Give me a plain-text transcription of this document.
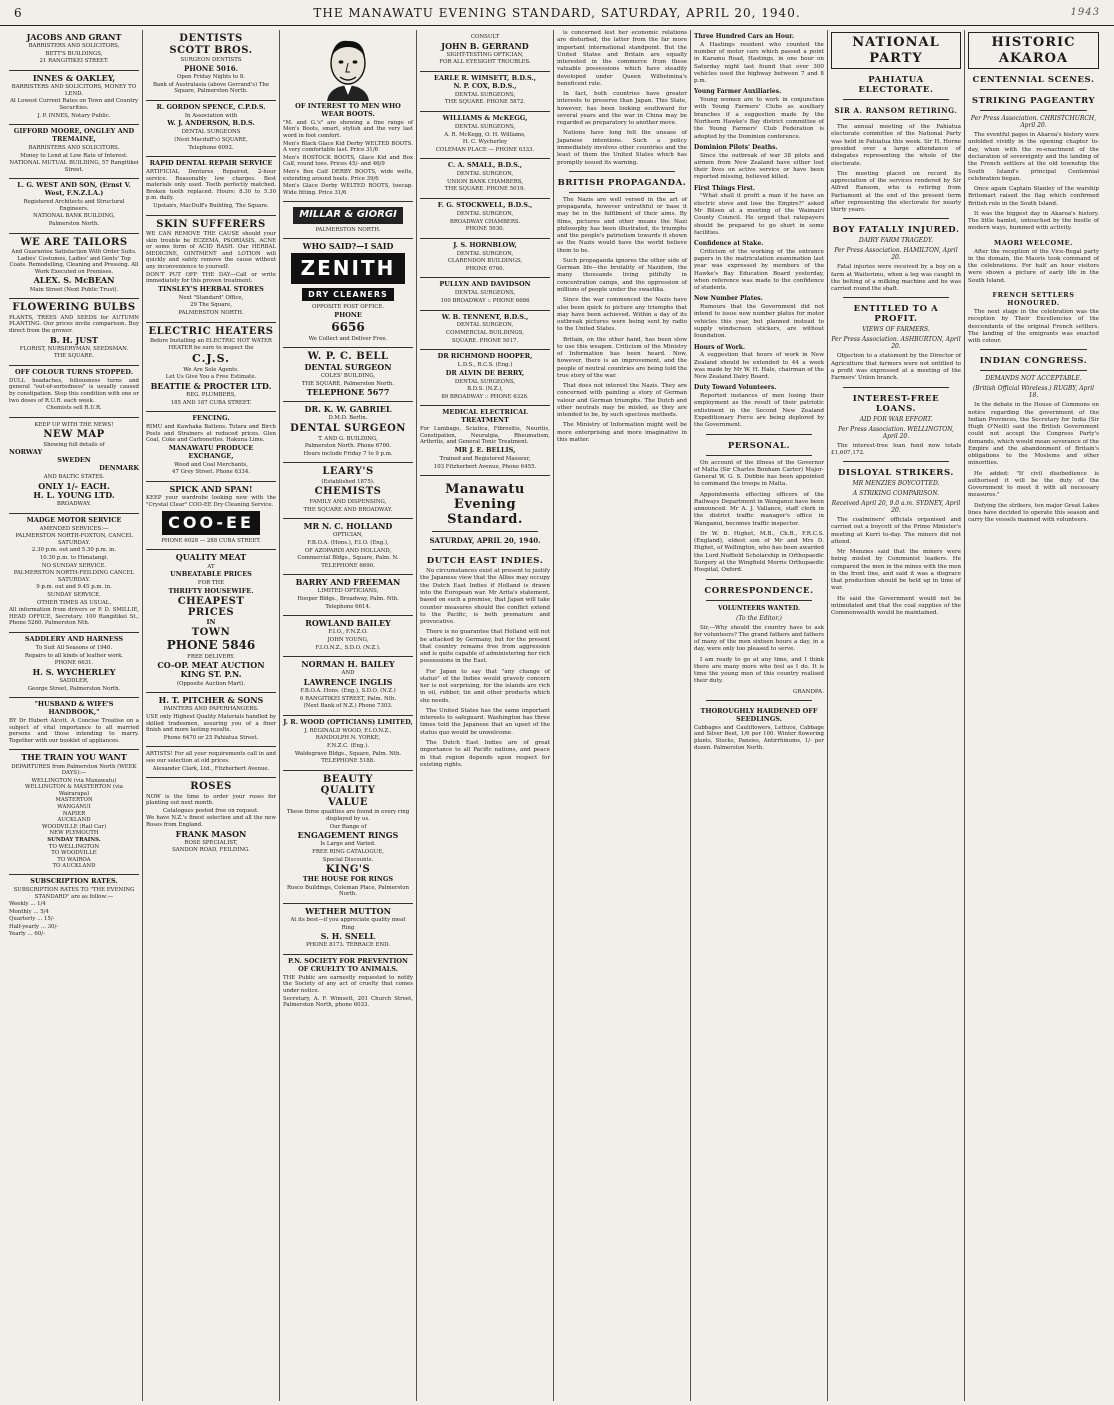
6	THE MANAWATU EVENING STANDARD, SATURDAY, APRIL 20, 1940.	1943
JACOBS AND GRANT

BARRISTERS AND SOLICITORS,

BETT'S BUILDINGS,

21 RANGITIKEI STREET.

INNES & OAKLEY,

BARRISTERS AND SOLICITORS, MONEY TO LEND.

At Lowest Current Rates on Town and Country Securities.

J. P. INNES, Notary Public.

GIFFORD MOORE, ONGLEY AND TREMAINE,

BARRISTERS AND SOLICITORS.

Money to Lend at Low Rate of Interest.

NATIONAL MUTUAL BUILDING, 57 Rangitikei Street.

L. G. WEST AND SON, (Ernst V. West, F.N.Z.I.A.)

Registered Architects and Structural Engineers.

NATIONAL BANK BUILDING,

Palmerston North.

WE ARE TAILORS

And Guarantee Satisfaction With Order Suits. Ladies' Costumes, Ladies' and Gents' Top Coats. Remodelling, Cleaning and Pressing. All Work Executed on Premises.

ALEX. S. McBEAN

Main Street (Next Public Trust).

FLOWERING BULBS

PLANTS, TREES AND SEEDS for AUTUMN PLANTING. Our prices invite comparison. Buy direct from the grower.

B. H. JUST

FLORIST, NURSERYMAN, SEEDSMAN.

THE SQUARE.

OFF COLOUR TURNS STOPPED.

DULL headaches, biliousness turns and general "out-of-sortedness" is usually caused by constipation. Stop this condition with one or two doses of R.U.R. each week.

Chemists sell R.U.R.

KEEP UP WITH THE NEWS!

NEW MAP

Showing full details of

NORWAY
SWEDEN
DENMARK

AND BALTIC STATES.

ONLY 1/- EACH.
H. L. YOUNG LTD.

BROADWAY.

MADGE MOTOR SERVICE

AMENDED SERVICES:—

PALMERSTON NORTH-FOXTON, CANCEL SATURDAY.

2.30 p.m. out and 5.30 p.m. in.

10.30 p.m. to Himatangi.

NO SUNDAY SERVICE.

PALMERSTON NORTH-FEILDING CANCEL SATURDAY.

9 p.m. out and 9.45 p.m. in.

SUNDAY SERVICE.

OTHER TIMES AS USUAL.

All information from drivers or P. D. SMILLIE, HEAD OFFICE, Secretary. 100 Rangitikei St., Phone 5260. Palmerston Nth.

SADDLERY AND HARNESS

To Suit All Seasons of 1940.

Repairs to all kinds of leather work.

PHONE 6631.

H. S. WYCHERLEY

SADDLER,

George Street, Palmerston North.

"HUSBAND & WIFE'S HANDBOOK,"

BY Dr Hubert Alcott. A Concise Treatise on a subject of vital importance to all married persons and those intending to marry. Together with our booklet of appliances.

THE TRAIN YOU WANT

DEPARTURES from Palmerston North (WEEK DAYS):—

WELLINGTON (via Manawatu)
WELLINGTON & MASTERTON (via Wairarapa)
MASTERTON
WANGANUI
NAPIER
AUCKLAND
WOODVILLE (Rail Car)
NEW PLYMOUTH
SUNDAY TRAINS.
TO WELLINGTON
TO WOODVILLE
TO WAIROA
TO AUCKLAND
SUBSCRIPTION RATES.

SUBSCRIPTION RATES TO "THE EVENING STANDARD" are as follow:—

Weekly ... 1/4

Monthly ... 5/4

Quarterly ... 15/-

Half-yearly ... 30/-

Yearly ... 60/-

DENTISTS
SCOTT BROS.

SURGEON DENTISTS

PHONE 5016.

Open Friday Nights to 8.

Bank of Australasia (above Gerrand's) The Square, Palmerston North.

R. GORDON SPENCE, C.P.D.S.

In Association with

W. J. ANDERSON, B.D.S.

DENTAL SURGEONS

(Next Macduff's) SQUARE,

Telephone 6092.

RAPID DENTAL REPAIR SERVICE

ARTIFICIAL Dentures Repaired, 2-hour service. Reasonably low charges. Best materials only used. Teeth perfectly matched. Broken tooth replaced. Hours: 8.30 to 5.30 p.m. daily.

Upstairs, MacDuff's Building, The Square.

SKIN SUFFERERS

WE CAN REMOVE THE CAUSE should your skin trouble be ECZEMA, PSORIASIS, ACNE or some form of ACID RASH. Our HERBAL MEDICINE, OINTMENT and LOTION will quickly and safely remove the cause without any inconvenience to yourself.

DON'T PUT OFF THE DAY—Call or write immediately for this proven treatment.

TINSLEY'S HERBAL STORES

Next "Standard" Office,

29 The Square,

PALMERSTON NORTH.

ELECTRIC HEATERS

Before Installing an ELECTRIC HOT WATER HEATER be sure to inspect the

C.J.S.

We Are Sole Agents.

Let Us Give You a Free Estimate.

BEATTIE & PROCTER LTD.

REG. PLUMBERS,

185 AND 187 CUBA STREET.

FENCING.

RIMU and Kawhaka Battens. Totara and Birch Posts and Strainers at reduced prices. Glen Coal, Coke and Carbonettes. Hakuna Lime.

MANAWATU PRODUCE EXCHANGE,

Wood and Coal Merchants,

47 Grey Street. Phone 6334.

SPICK AND SPAN!

KEEP your wardrobe looking new with the "Crystal Clear" COO-EE Dry Cleaning Service.

COO-EE

PHONE 6028 — 288 CUBA STREET.

QUALITY MEAT

AT

UNBEATABLE PRICES

FOR THE

THRIFTY HOUSEWIFE.
CHEAPEST
PRICES
IN
TOWN
PHONE 5846

FREE DELIVERY.

CO-OP. MEAT AUCTION
KING ST. P.N.

(Opposite Auction Mart).

H. T. PITCHER & SONS

PAINTERS AND PAPERHANGERS.

USE only Highest Quality Materials handled by skilled tradesmen, assuring you of a finer finish and more lasting results.

Phone 6470 or 25 Pahiatua Street.

ARTISTS! For all your requirements call in and see our selection at old prices.

Alexander Clark, Ltd., Fitzherbert Avenue.

ROSES

NOW is the time to order your roses for planting out next month.

Catalogues posted free on request.

We have N.Z.'s finest selection and all the new Roses from England.

FRANK MASON

ROSE SPECIALIST,

SANDON ROAD, FEILDING.

OF INTEREST TO MEN WHO WEAR BOOTS.

"M. and G.'s" are showing a fine range of Men's Boots, smart, stylish and the very last word in foot comfort.

Men's Black Glace Kid Derby WELTED BOOTS. A very comfortable last. Price 31/6

Men's BOSTOCK BOOTS, Glace Kid and Box Calf, round toes. Prices 45/- and 46/9

Men's Box Calf DERBY BOOTS, wide welts, extending around heels. Price 39/6

Men's Glace Derby WELTED BOOTS, toecap. Wide fitting. Price 31/6

MILLAR & GIORGI

PALMERSTON NORTH.

WHO SAID?—I SAID
ZENITH
DRY CLEANERS

OPPOSITE POST OFFICE.

PHONE
6656

We Collect and Deliver Free.

W. P. C. BELL
DENTAL SURGEON

COLES' BUILDING,

THE SQUARE, Palmerston North.

TELEPHONE 5677
DR. K. W. GABRIEL

D.M.D. Berlin.

DENTAL SURGEON

T. AND G. BUILDING,

Palmerston North. Phone 6700.

Hours include Friday 7 to 9 p.m.

LEARY'S

(Established 1875).

CHEMISTS

FAMILY AND DISPENSING,

THE SQUARE AND BROADWAY.

MR N. C. HOLLAND

OPTICIAN,

F.B.O.A. (Hons.), F.I.O. (Eng.),

OF AZOPARDI AND HOLLAND,

Commercial Bldgs., Square, Palm. N.

TELEPHONE 6690.

BARRY AND FREEMAN

LIMITED OPTICIANS,

Hooper Bldgs., Broadway, Palm. Nth.

Telephone 6614.

ROWLAND BAILEY

F.I.O., F.N.Z.O.

JOHN YOUNG,

F.I.O.N.Z., S.D.O. (N.Z.).

NORMAN H. BAILEY

AND

LAWRENCE INGLIS

F.B.O.A. Hons. (Eng.), S.D.O. (N.Z.)

6 RANGITIKEI STREET, Palm. Nth.

(Next Bank of N.Z.) Phone 7303.

J. R. WOOD (OPTICIANS) LIMITED,

J. REGINALD WOOD, F.I.O.N.Z.,

RANDOLPH N. YORKE,

F.N.Z.C. (Eng.).

Waldegrave Bldgs., Square, Palm. Nth.

TELEPHONE 5188.

BEAUTY
QUALITY
VALUE

These three qualities are found in every ring displayed by us.

Our Range of

ENGAGEMENT RINGS

Is Large and Varied.

FREE RING CATALOGUE,

Special Discounts.

KING'S
THE HOUSE FOR RINGS

Rosco Buildings, Coleman Place, Palmerston North.

WETHER MUTTON

At its best—if you appreciate quality meat

Ring

S. H. SNELL

PHONE 8173. TERRACE END.

P.N. SOCIETY FOR PREVENTION OF CRUELTY TO ANIMALS.

THE Public are earnestly requested to notify the Society of any act of cruelty that comes under notice.

Secretary, A. F. Wimsett, 201 Church Street, Palmerston North, phone 6033.

CONSULT

JOHN B. GERRAND

SIGHT-TESTING OPTICIAN,

FOR ALL EYESIGHT TROUBLES.

EARLE R. WIMSETT, B.D.S.,
N. P. COX, B.D.S.,

DENTAL SURGEONS,

THE SQUARE. PHONE 5872.

WILLIAMS & McKEGG,

DENTAL SURGEONS,

A. R. McKegg, O. H. Williams,

H. C. Wycherley

COLEMAN PLACE — PHONE 6333.

C. A. SMALL, B.D.S.,

DENTAL SURGEON,

UNION BANK CHAMBERS,

THE SQUARE. PHONE 5019.

F. G. STOCKWELL, B.D.S.,

DENTAL SURGEON,

BROADWAY CHAMBERS.

PHONE 5030.

J. S. HORNBLOW,

DENTAL SURGEON,

CLARENDON BUILDINGS,

PHONE 6760.

PULLYN AND DAVIDSON

DENTAL SURGEONS,

100 BROADWAY :: PHONE 6686

W. B. TENNENT, B.D.S.,

DENTAL SURGEON,

COMMERCIAL BUILDINGS,

SQUARE. PHONE 5017.

DR RICHMOND HOOPER,

L.D.S., R.C.S. (Eng.)

DR ALVIN DE BERRY,

DENTAL SURGEONS,

B.D.S. (N.Z.),

89 BROADWAY :: PHONE 6326.

MEDICAL ELECTRICAL TREATMENT

For Lumbago, Sciatica, Fibrositis, Neuritis, Constipation, Neuralgia, Rheumatism, Arthritis, and General Tonic Treatment.

MR J. E. BELLIS,

Trained and Registered Masseur,

103 Fitzherbert Avenue, Phone 6455.

Manawatu
Evening Standard.
SATURDAY, APRIL 20, 1940.
DUTCH EAST INDIES.

No circumstances exist at present to justify the Japanese view that the Allies may occupy the Dutch East Indies if Holland is drawn into the European war. Mr Arita's statement, based on such a premise, that Japan will take counter measures should the conflict extend to the Pacific, is both premature and provocative.

There is no guarantee that Holland will not be attacked by Germany, but for the present that country remains free from aggression and is quite capable of administering her rich possessions in the East.

For Japan to say that "any change of status" of the Indies would gravely concern her is not surprising, for the islands are rich in oil, rubber, tin and other products which she needs.

The United States has the same important interests to safeguard. Washington has three times told the Japanese that an upset of the status quo would be unwelcome.

The Dutch East Indies are of great importance to all Pacific nations, and peace in that region depends upon respect for existing rights.

is concerned lest her economic relations are disturbed, the latter from the far more important international standpoint. But the United States and Britain are equally interested in the commerce from these valuable possessions which have steadily developed under Queen Wilhelmina's beneficent rule.

In fact, both countries have greater interests to preserve than Japan. This State, however, has been looking southward for several years and the war in China may be regarded as preparatory to another move.

Nations have long felt the unease of Japanese intentions. Such a policy immediately involves other countries and the least of them the United States which has promptly issued its warning.

BRITISH PROPAGANDA.

The Nazis are well versed in the art of propaganda, however untruthful or base it may be in the fulfilment of their aims. By films, pictures and other means the Nazi philosophy has been illustrated, its triumphs and the people's patriotism towards it shown as the Nazis would have the world believe them to be.

Such propaganda ignores the other side of German life—the brutality of Nazidom, the many thousands living pitifully in concentration camps, and the oppression of millions of people under the swastika.

Since the war commenced the Nazis have also been quick to picture any triumphs that may have been achieved. Within a day of its outbreak pictures were being sent by radio to the United States.

Britain, on the other hand, has been slow to use this weapon. Criticism of the Ministry of Information has been heard. Now, however, there is an improvement, and the people of neutral countries are being told the true story of the war.

That does not interest the Nazis. They are concerned with painting a story of German valour and German triumphs. The Dutch and other neutrals may be misled, as they are intended to be, by such specious methods.

The Ministry of Information might well be more enterprising and more imaginative in this matter.

Three Hundred Cars an Hour.

A Hastings resident who counted the number of motor cars which passed a point in Karamu Road, Hastings, in one hour on Saturday night last found that over 300 vehicles used the highway between 7 and 8 p.m.

Young Farmer Auxiliaries.

Young women are to work in conjunction with Young Farmers' Clubs as auxiliary branches if a suggestion made by the Northern Hawke's Bay district committee of the Young Farmers' Club Federation is adopted by the Dominion conference.

Dominion Pilots' Deaths.

Since the outbreak of war 38 pilots and airmen from New Zealand have either lost their lives on active service or have been reported missing, believed killed.

First Things First.

"What shall it profit a man if he have an electric stove and lose the Empire?" asked Mr Bilsen at a meeting of the Waimairi County Council. He urged that ratepayers should be prepared to go short in some facilities.

Confidence at Stake.

Criticism of the working of the entrance papers in the matriculation examination last year was expressed by members of the Hawke's Bay Education Board yesterday, when reference was made to the confidence of students.

New Number Plates.

Rumours that the Government did not intend to issue new number plates for motor vehicles this year, but planned instead to supply windscreen stickers, are without foundation.

Hours of Work.

A suggestion that hours of work in New Zealand should be extended to 44 a week was made by Mr W. H. Hale, chairman of the New Zealand Dairy Board.

Duty Toward Volunteers.

Reported instances of men losing their employment as the result of their patriotic enlistment in the Second New Zealand Expeditionary Force are being deplored by the Government.

PERSONAL.

On account of the illness of the Governor of Malta (Sir Charles Bonham Carter) Major-General W. G. S. Dobbie has been appointed to command the troops in Malta.

Appointments effecting officers of the Railways Department in Wanganui have been announced. Mr A. J. Vallance, staff clerk in the district traffic manager's office in Wanganui, becomes traffic inspector.

Dr W. B. Highet, M.B., Ch.B., F.R.C.S. (England), eldest son of Mr and Mrs D. Highet, of Wellington, who has been awarded the Lord Nuffield Scholarship in Orthopaedic Surgery at the Wingfield Morris Orthopaedic Hospital, Oxford.

CORRESPONDENCE.
VOLUNTEERS WANTED.
(To the Editor.)

Sir,—Why should the country have to ask for volunteers? The grand fathers and fathers of many of the men sixteen hours a day, in a day, were only too pleased to serve.

I am ready to go at any time, and I think there are many more who feel as I do. It is time the young men of this country realised their duty.

GRANDPA.

THOROUGHLY HARDENED OFF SEEDLINGS.

Cabbages and Cauliflowers, Lettuce, Cabbage and Silver Beet, 1/6 per 100. Winter flowering plants, Stocks, Pansies, Antirrhinums, 1/- per dozen. Palmerston North.

NATIONAL PARTY
PAHIATUA ELECTORATE.
SIR A. RANSOM RETIRING.

The annual meeting of the Pahiatua electorate committee of the National Party was held in Pahiatua this week. Sir H. Horne presided over a large attendance of delegates representing the whole of the electorate.

The meeting placed on record its appreciation of the services rendered by Sir Alfred Ransom, who is retiring from Parliament at the end of the present term after representing the electorate for nearly thirty years.

BOY FATALLY INJURED.
DAIRY FARM TRAGEDY.
Per Press Association. HAMILTON, April 20.

Fatal injuries were received by a boy on a farm at Waiterimu, when a leg was caught in the belting of a milking machine and he was carried round the shaft.

ENTITLED TO A PROFIT.
VIEWS OF FARMERS.
Per Press Association. ASHBURTON, April 20.

Objection to a statement by the Director of Agriculture that farmers were not entitled to a profit was expressed at a meeting of the Farmers' Union branch.

INTEREST-FREE LOANS.
AID FOR WAR EFFORT.
Per Press Association. WELLINGTON, April 20.

The interest-free loan fund now totals £1,607,172.

DISLOYAL STRIKERS.
MR MENZIES BOYCOTTED.
A STRIKING COMPARISON.
Received April 20, 9.0 a.m. SYDNEY, April 20.

The coalminers' officials organised and carried out a boycott of the Prime Minister's meeting at Kurri to-day. The miners did not attend.

Mr Menzies said that the miners were being misled by Communist leaders. He compared the men in the mines with the men in the front line, and said it was a disgrace that production should be held up in time of war.

He said the Government would not be intimidated and that the coal supplies of the Commonwealth would be maintained.

HISTORIC AKAROA
CENTENNIAL SCENES.
STRIKING PAGEANTRY
Per Press Association. CHRISTCHURCH, April 20.

The eventful pages in Akaroa's history were unfolded vividly in the opening chapter to-day, when with the re-enactment of the declaration of sovereignty and the landing of the French settlers at the old township the South Island's principal Centennial celebration began.

Once again Captain Stanley of the warship Britomart raised the flag which confirmed British rule in the South Island.

It was the biggest day in Akaroa's history. The little hamlet, untouched by the bustle of modern ways, hummed with activity.

MAORI WELCOME.

After the reception of the Vice-Regal party in the domain, the Maoris took command of the celebrations. For half an hour visitors were shown a picture of early life in the South Island.

FRENCH SETTLERS HONOURED.

The next stage in the celebration was the reception by Their Excellencies of the descendants of the original French settlers. The landing of the emigrants was enacted with colour.

INDIAN CONGRESS.
DEMANDS NOT ACCEPTABLE.
(British Official Wireless.) RUGBY, April 18.

In the debate in the House of Commons on notice regarding the government of the Indian Provinces, the Secretary for India (Sir Hugh O'Neill) said the British Government could not accept the Congress Party's demands, which would mean severance of the Empire and the abandonment of Britain's obligations to the Moslems and other minorities.

He added: "If civil disobedience is authorised it will be the duty of the Government to meet it with all necessary measures."

Defying the strikers, ten major Great Lakes lines have decided to operate this season and carry the vessels manned with volunteers.
